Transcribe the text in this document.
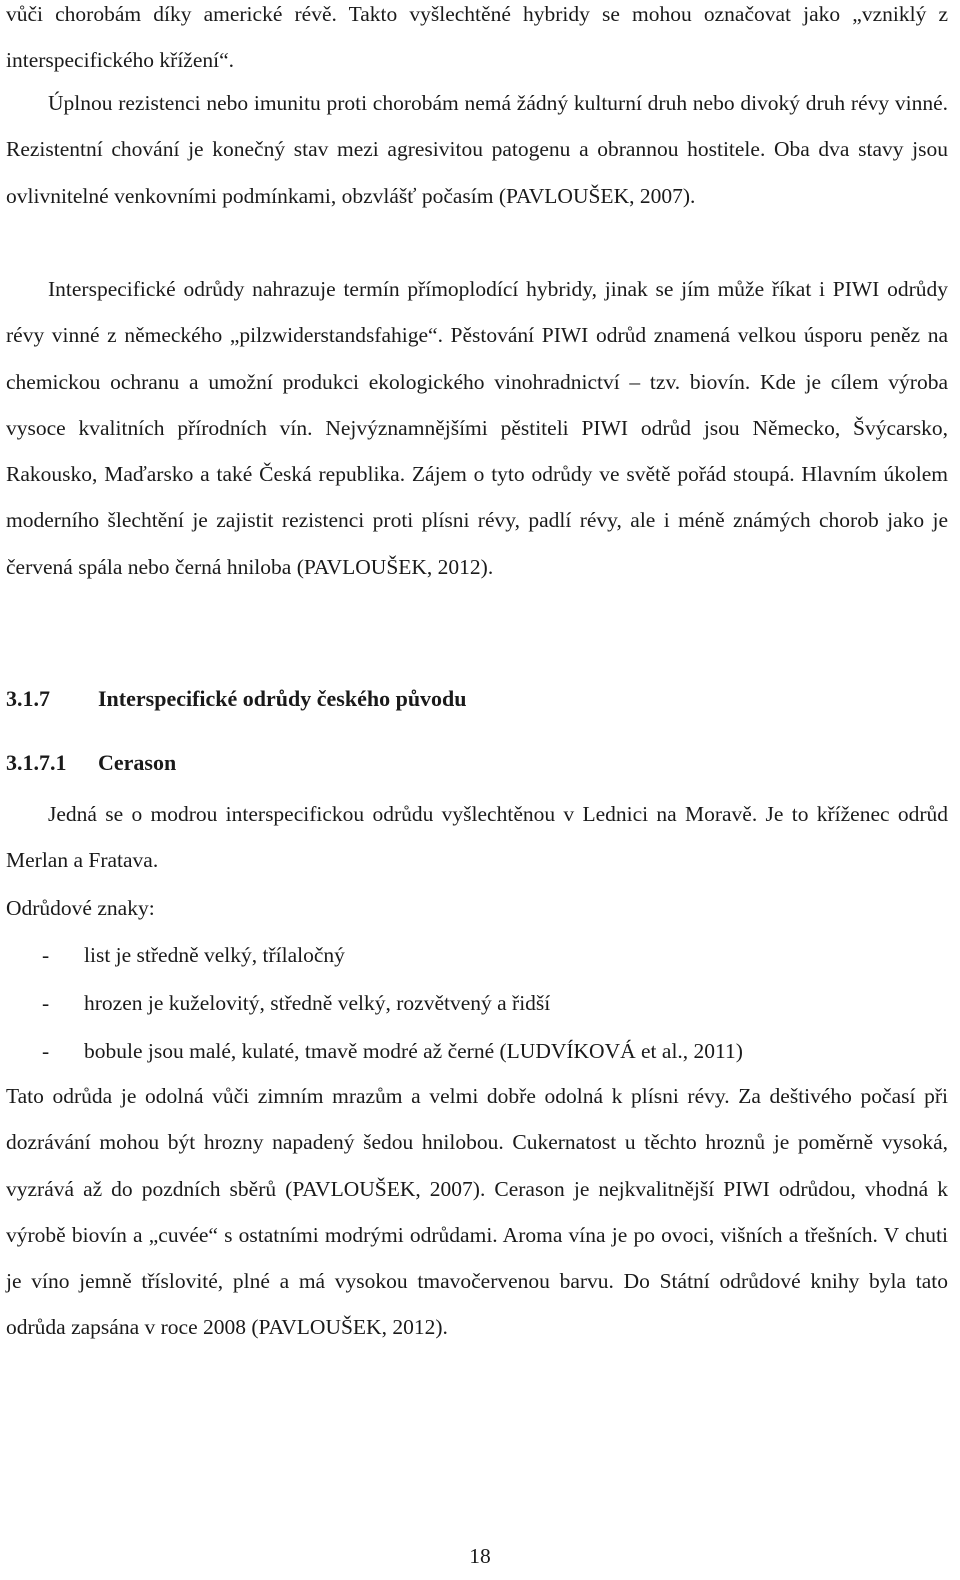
vůči chorobám díky americké révě. Takto vyšlechtěné hybridy se mohou označovat jako „vzniklý z interspecifického křížení“.

Úplnou rezistenci nebo imunitu proti chorobám nemá žádný kulturní druh nebo divoký druh révy vinné. Rezistentní chování je konečný stav mezi agresivitou patogenu a obrannou hostitele. Oba dva stavy jsou ovlivnitelné venkovními podmínkami, obzvlášť počasím (PAVLOUŠEK, 2007).

Interspecifické odrůdy nahrazuje termín přímoplodící hybridy, jinak se jím může říkat i PIWI odrůdy révy vinné z německého „pilzwiderstandsfahige“. Pěstování PIWI odrůd znamená velkou úsporu peněz na chemickou ochranu a umožní produkci ekologického vinohradnictví – tzv. biovín. Kde je cílem výroba vysoce kvalitních přírodních vín. Nejvýznamnějšími pěstiteli PIWI odrůd jsou Německo, Švýcarsko, Rakousko, Maďarsko a také Česká republika. Zájem o tyto odrůdy ve světě pořád stoupá. Hlavním úkolem moderního šlechtění je zajistit rezistenci proti plísni révy, padlí révy, ale i méně známých chorob jako je červená spála nebo černá hniloba (PAVLOUŠEK, 2012).

3.1.7 Interspecifické odrůdy českého původu
3.1.7.1 Cerason

Jedná se o modrou interspecifickou odrůdu vyšlechtěnou v Lednici na Moravě. Je to kříženec odrůd Merlan a Fratava.

Odrůdové znaky:

- list je středně velký, třílaločný
- hrozen je kuželovitý, středně velký, rozvětvený a řidší
- bobule jsou malé, kulaté, tmavě modré až černé (LUDVÍKOVÁ et al., 2011)

Tato odrůda je odolná vůči zimním mrazům a velmi dobře odolná k plísni révy. Za deštivého počasí při dozrávání mohou být hrozny napadený šedou hnilobou. Cukernatost u těchto hroznů je poměrně vysoká, vyzrává až do pozdních sběrů (PAVLOUŠEK, 2007). Cerason je nejkvalitnější PIWI odrůdou, vhodná k výrobě biovín a „cuvée“ s ostatními modrými odrůdami. Aroma vína je po ovoci, višních a třešních. V chuti je víno jemně tříslovité, plné a má vysokou tmavočervenou barvu. Do Státní odrůdové knihy byla tato odrůda zapsána v roce 2008 (PAVLOUŠEK, 2012).

18
